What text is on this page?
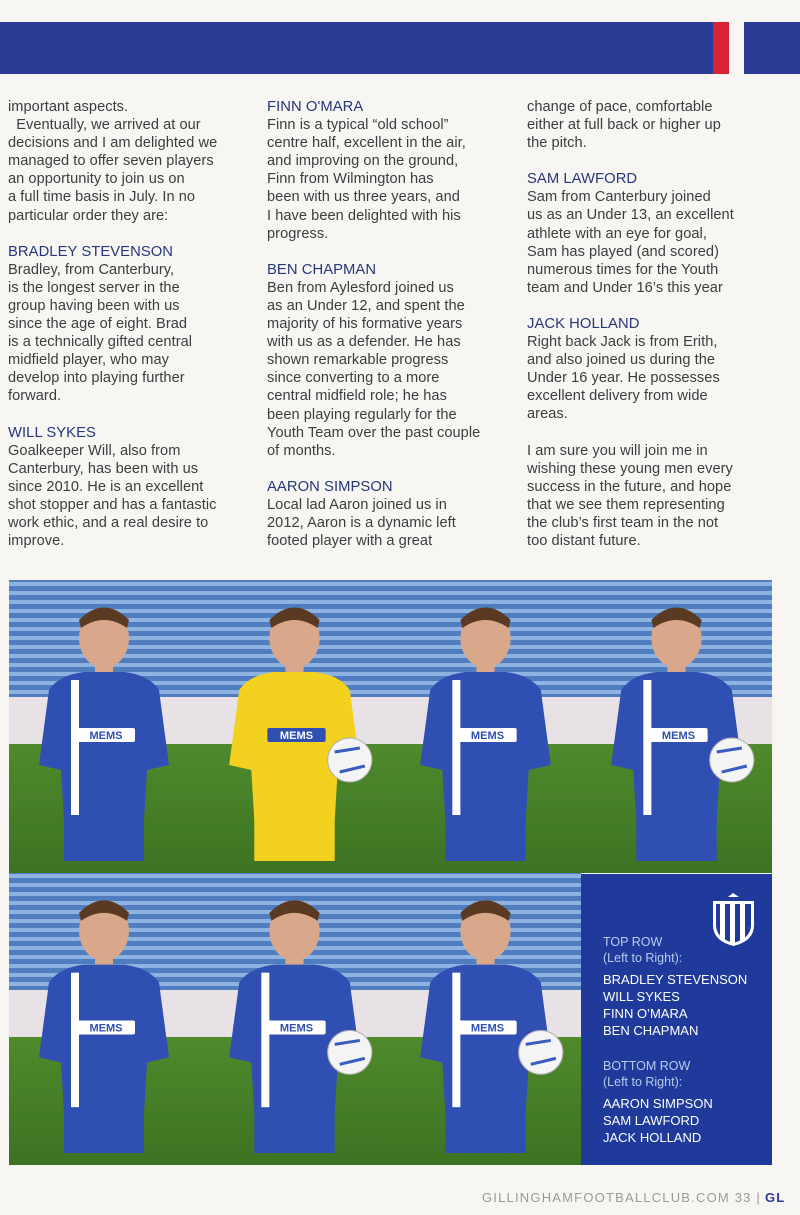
important aspects.

Eventually, we arrived at our

decisions and I am delighted we

managed to offer seven players

an opportunity to join us on

a full time basis in July. In no

particular order they are:

BRADLEY STEVENSON

Bradley, from Canterbury,

is the longest server in the

group having been with us

since the age of eight. Brad

is a technically gifted central

midfield player, who may

develop into playing further

forward.

WILL SYKES

Goalkeeper Will, also from

Canterbury, has been with us

since 2010. He is an excellent

shot stopper and has a fantastic

work ethic, and a real desire to

improve.

FINN O'MARA

Finn is a typical “old school”

centre half, excellent in the air,

and improving on the ground,

Finn from Wilmington has

been with us three years, and

I have been delighted with his

progress.

BEN CHAPMAN

Ben from Aylesford joined us

as an Under 12, and spent the

majority of his formative years

with us as a defender. He has

shown remarkable progress

since converting to a more

central midfield role; he has

been playing regularly for the

Youth Team over the past couple

of months.

AARON SIMPSON

Local lad Aaron joined us in

2012, Aaron is a dynamic left

footed player with a great

change of pace, comfortable

either at full back or higher up

the pitch.

SAM LAWFORD

Sam from Canterbury joined

us as an Under 13, an excellent

athlete with an eye for goal,

Sam has played (and scored)

numerous times for the Youth

team and Under 16’s this year

JACK HOLLAND

Right back Jack is from Erith,

and also joined us during the

Under 16 year. He possesses

excellent delivery from wide

areas.

I am sure you will join me in

wishing these young men every

success in the future, and hope

that we see them representing

the club’s first team in the not

too distant future.

MEMS	MEMS	MEMS	MEMS
MEMS	MEMS	MEMS
TOP ROW
(Left to Right):
BRADLEY STEVENSON
WILL SYKES
FINN O’MARA
BEN CHAPMAN
BOTTOM ROW
(Left to Right):
AARON SIMPSON
SAM LAWFORD
JACK HOLLAND
GILLINGHAMFOOTBALLCLUB.COM 33 | GL
